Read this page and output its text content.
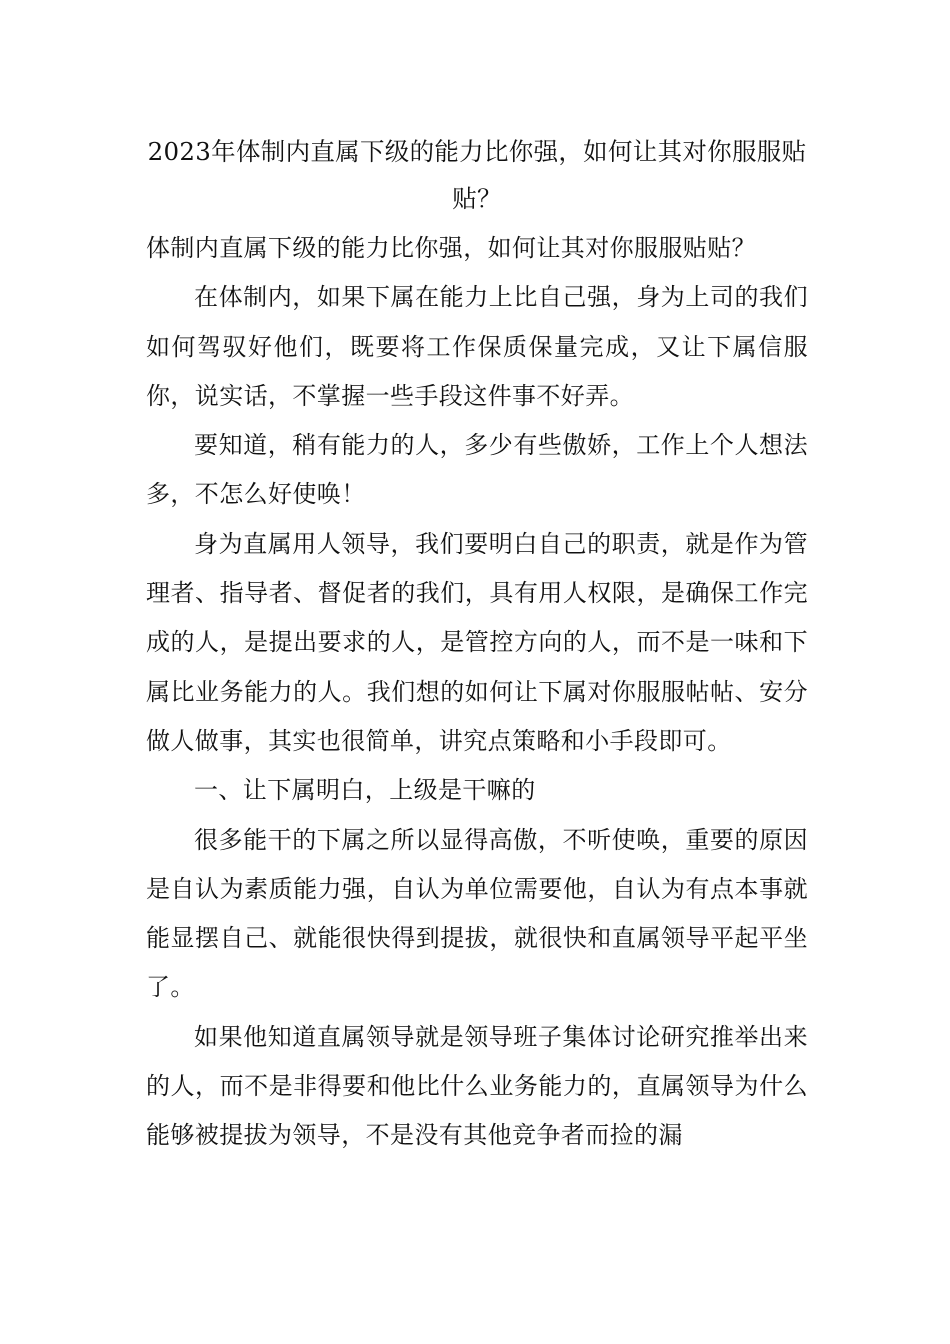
2023年体制内直属下级的能力比你强，如何让其对你服服贴贴？

体制内直属下级的能力比你强，如何让其对你服服贴贴？

在体制内，如果下属在能力上比自己强，身为上司的我们如何驾驭好他们，既要将工作保质保量完成，又让下属信服你，说实话，不掌握一些手段这件事不好弄。

要知道，稍有能力的人，多少有些傲娇，工作上个人想法多，不怎么好使唤！

身为直属用人领导，我们要明白自己的职责，就是作为管理者、指导者、督促者的我们，具有用人权限，是确保工作完成的人，是提出要求的人，是管控方向的人，而不是一味和下属比业务能力的人。我们想的如何让下属对你服服帖帖、安分做人做事，其实也很简单，讲究点策略和小手段即可。

一、让下属明白，上级是干嘛的

很多能干的下属之所以显得高傲，不听使唤，重要的原因是自认为素质能力强，自认为单位需要他，自认为有点本事就能显摆自己、就能很快得到提拔，就很快和直属领导平起平坐了。

如果他知道直属领导就是领导班子集体讨论研究推举出来的人，而不是非得要和他比什么业务能力的，直属领导为什么能够被提拔为领导，不是没有其他竞争者而捡的漏
